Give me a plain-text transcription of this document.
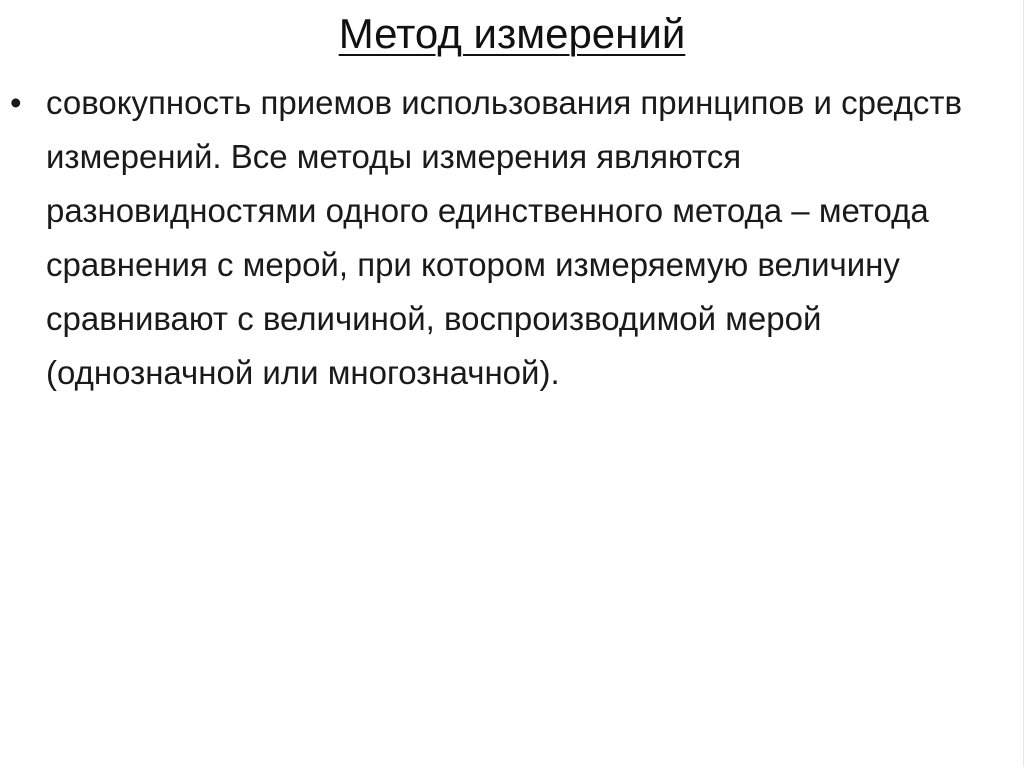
Метод измерений
• совокупность приемов использования принципов и средств измерений. Все методы измерения являются разновидностями одного единственного метода – метода сравнения с мерой, при котором измеряемую величину сравнивают с величиной, воспроизводимой мерой (однозначной или многозначной).
